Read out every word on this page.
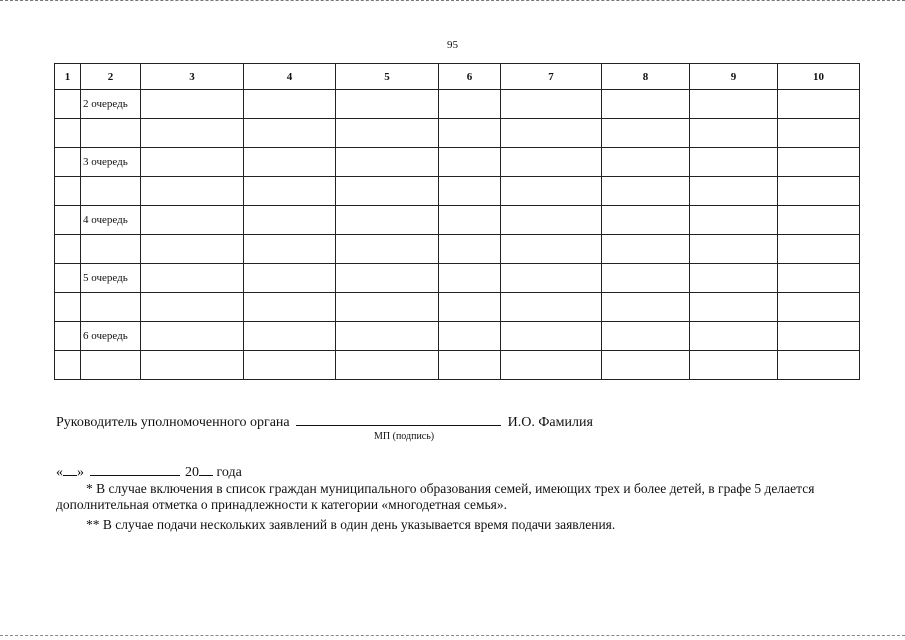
95
1	2	3	4	5	6	7	8	9	10
	2 очередь								

	3 очередь								

	4 очередь								

	5 очередь								

	6 очередь								

Руководитель уполномоченного органа	И.О. Фамилия
МП (подпись)
« »	20 года
* В случае включения в список граждан муниципального образования семей, имеющих трех и более детей, в графе 5 делается дополнительная отметка о принадлежности к категории «многодетная семья».
** В случае подачи нескольких заявлений в один день указывается время подачи заявления.
